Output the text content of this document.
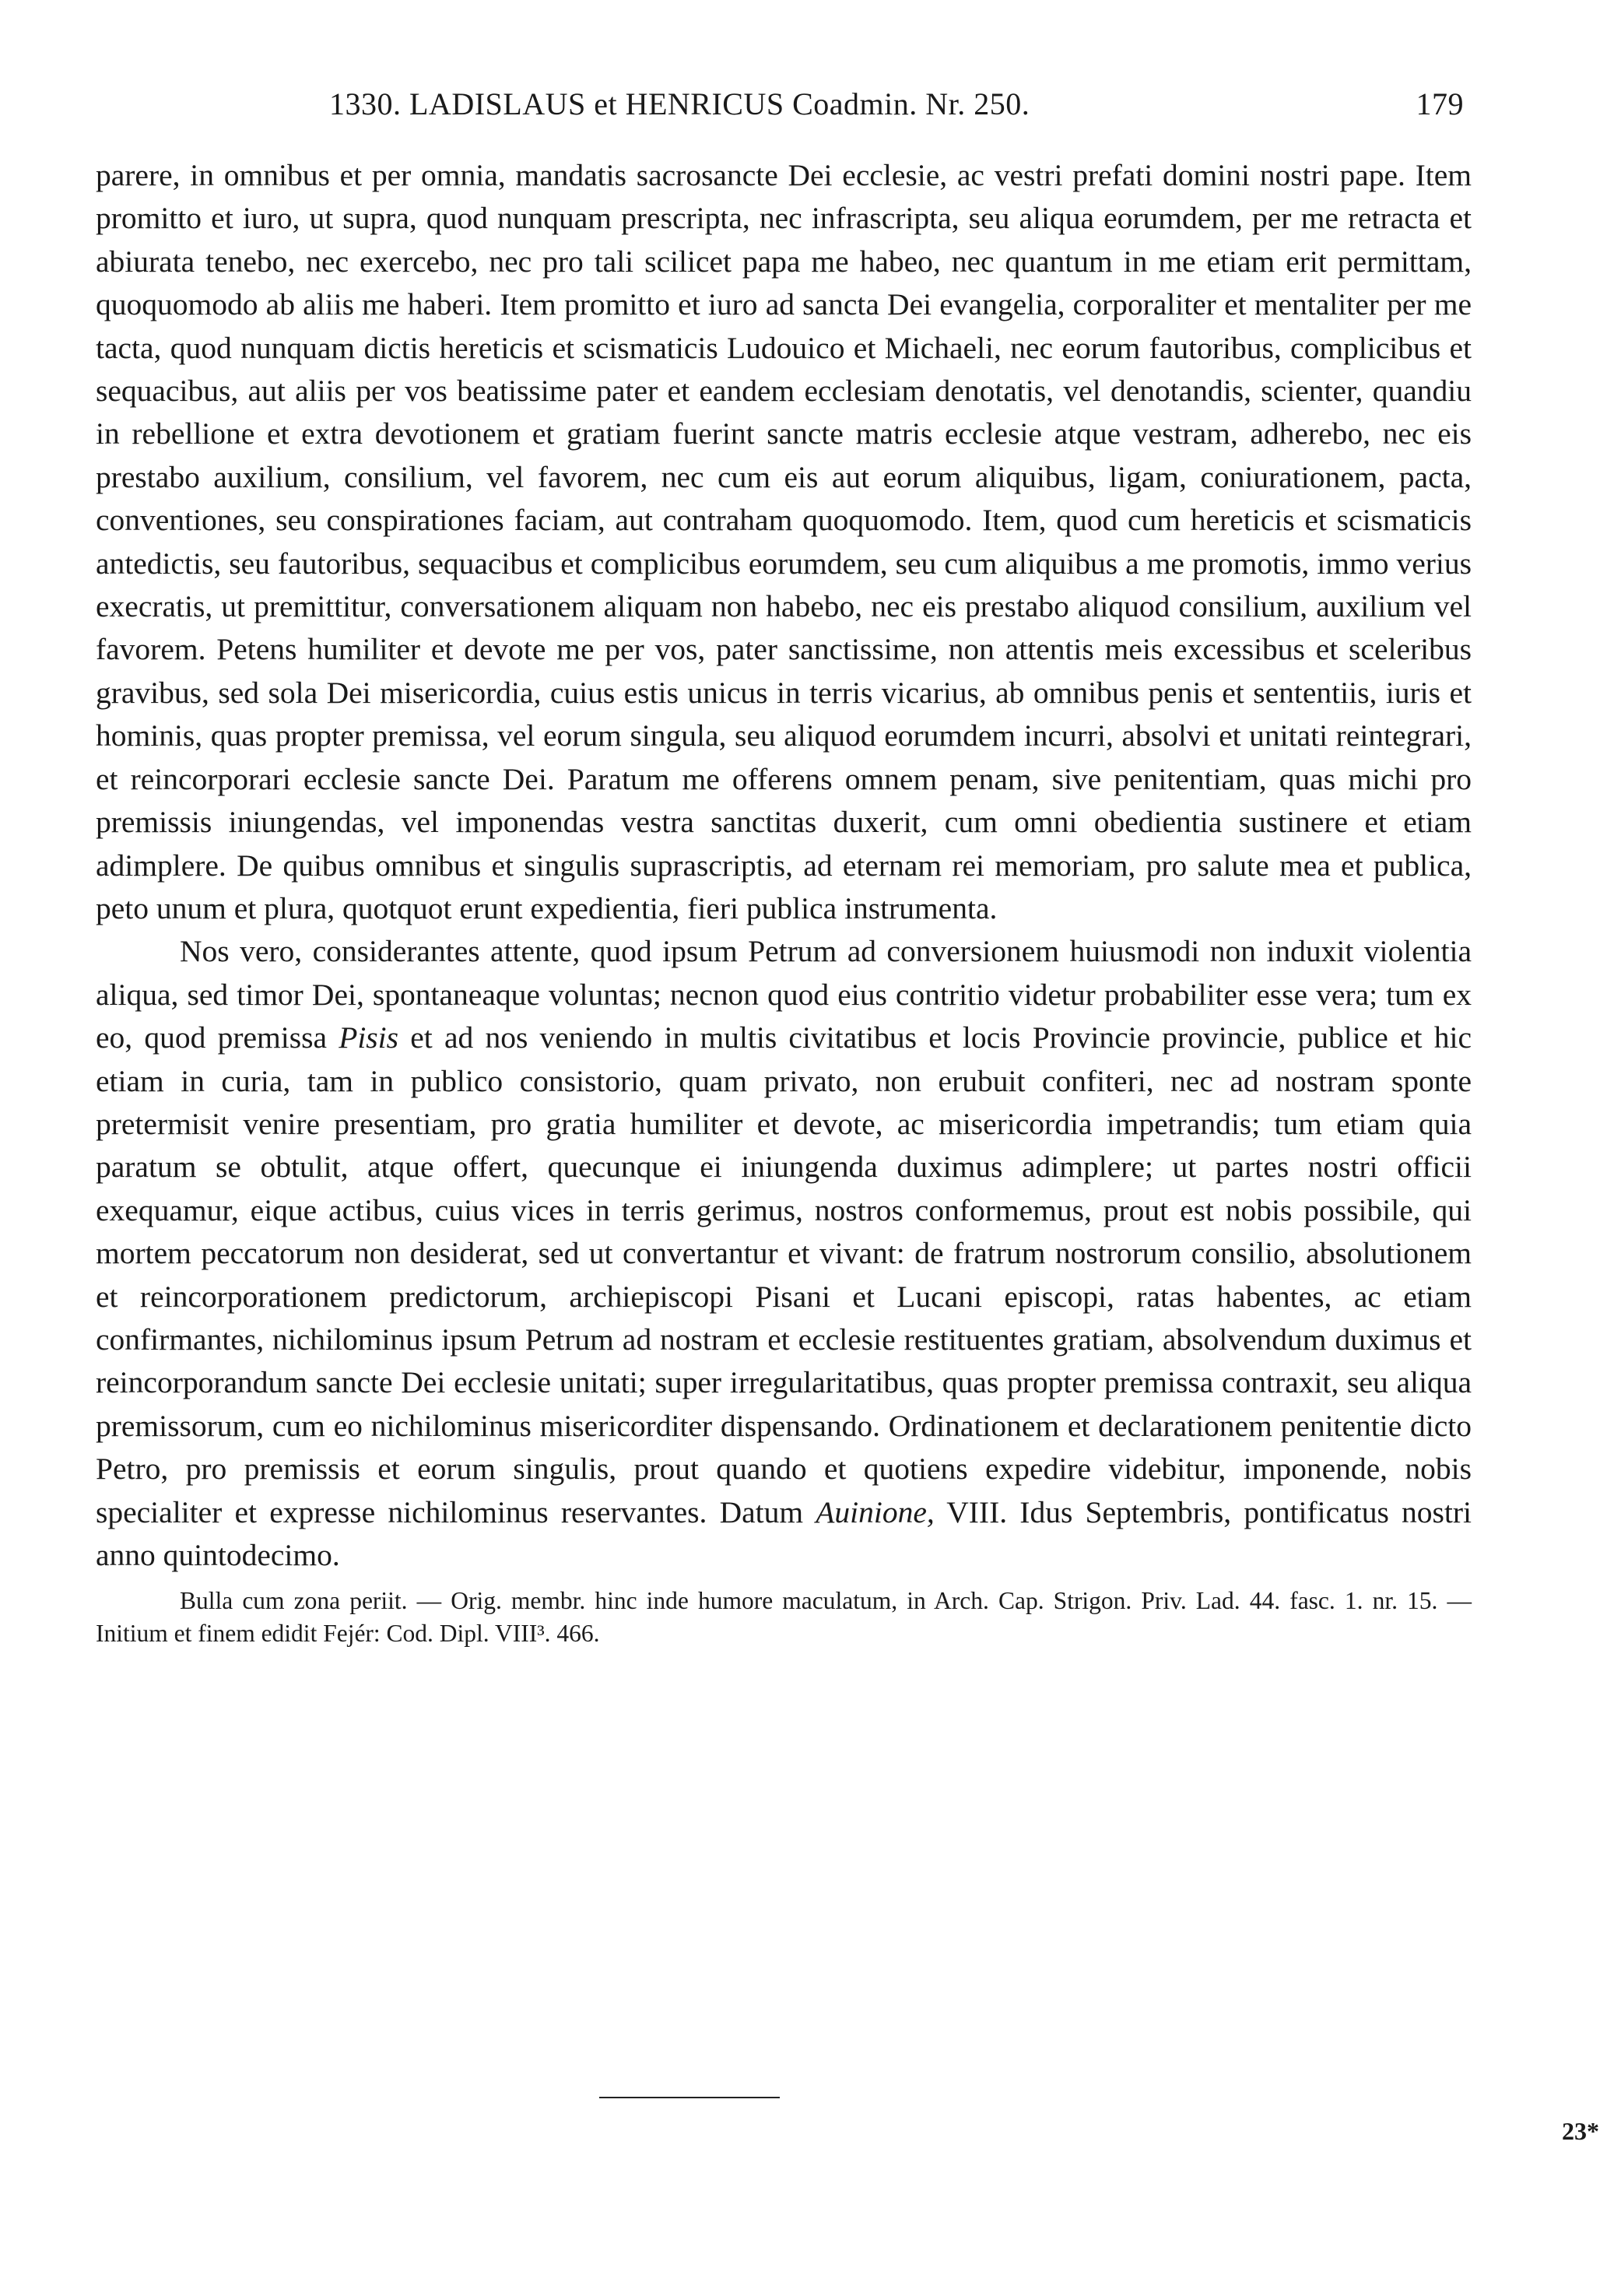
1330. LADISLAUS et HENRICUS Coadmin. Nr. 250.	179

parere, in omnibus et per omnia, mandatis sacrosancte Dei ecclesie, ac vestri prefati domini nostri pape. Item promitto et iuro, ut supra, quod nunquam prescripta, nec infrascripta, seu aliqua eorumdem, per me retracta et abiurata tenebo, nec exercebo, nec pro tali scilicet papa me habeo, nec quantum in me etiam erit permittam, quoquomodo ab aliis me haberi. Item promitto et iuro ad sancta Dei evangelia, corporaliter et mentaliter per me tacta, quod nunquam dictis hereticis et scismaticis Ludouico et Michaeli, nec eorum fautoribus, complicibus et sequacibus, aut aliis per vos beatissime pater et eandem ecclesiam denotatis, vel denotandis, scienter, quandiu in rebellione et extra devotionem et gratiam fuerint sancte matris ecclesie atque vestram, adherebo, nec eis prestabo auxilium, consilium, vel favorem, nec cum eis aut eorum aliquibus, ligam, coniurationem, pacta, conventiones, seu conspirationes faciam, aut contraham quoquomodo. Item, quod cum hereticis et scismaticis antedictis, seu fautoribus, sequacibus et complicibus eorumdem, seu cum aliquibus a me promotis, immo verius execratis, ut premittitur, conversationem aliquam non habebo, nec eis prestabo aliquod consilium, auxilium vel favorem. Petens humiliter et devote me per vos, pater sanctissime, non attentis meis excessibus et sceleribus gravibus, sed sola Dei misericordia, cuius estis unicus in terris vicarius, ab omnibus penis et sententiis, iuris et hominis, quas propter premissa, vel eorum singula, seu aliquod eorumdem incurri, absolvi et unitati reintegrari, et reincorporari ecclesie sancte Dei. Paratum me offerens omnem penam, sive penitentiam, quas michi pro premissis iniungendas, vel imponendas vestra sanctitas duxerit, cum omni obedientia sustinere et etiam adimplere. De quibus omnibus et singulis suprascriptis, ad eternam rei memoriam, pro salute mea et publica, peto unum et plura, quotquot erunt expedientia, fieri publica instrumenta.

Nos vero, considerantes attente, quod ipsum Petrum ad conversionem huiusmodi non induxit violentia aliqua, sed timor Dei, spontaneaque voluntas; necnon quod eius contritio videtur probabiliter esse vera; tum ex eo, quod premissa Pisis et ad nos veniendo in multis civitatibus et locis Provincie provincie, publice et hic etiam in curia, tam in publico consistorio, quam privato, non erubuit confiteri, nec ad nostram sponte pretermisit venire presentiam, pro gratia humiliter et devote, ac misericordia impetrandis; tum etiam quia paratum se obtulit, atque offert, quecunque ei iniungenda duximus adimplere; ut partes nostri officii exequamur, eique actibus, cuius vices in terris gerimus, nostros conformemus, prout est nobis possibile, qui mortem peccatorum non desiderat, sed ut convertantur et vivant: de fratrum nostrorum consilio, absolutionem et reincorporationem predictorum, archiepiscopi Pisani et Lucani episcopi, ratas habentes, ac etiam confirmantes, nichilominus ipsum Petrum ad nostram et ecclesie restituentes gratiam, absolvendum duximus et reincorporandum sancte Dei ecclesie unitati; super irregularitatibus, quas propter premissa contraxit, seu aliqua premissorum, cum eo nichilominus misericorditer dispensando. Ordinationem et declarationem penitentie dicto Petro, pro premissis et eorum singulis, prout quando et quotiens expedire videbitur, imponende, nobis specialiter et expresse nichilominus reservantes. Datum Auinione, VIII. Idus Septembris, pontificatus nostri anno quintodecimo.

Bulla cum zona periit. — Orig. membr. hinc inde humore maculatum, in Arch. Cap. Strigon. Priv. Lad. 44. fasc. 1. nr. 15. — Initium et finem edidit Fejér: Cod. Dipl. VIII³. 466.

23*
